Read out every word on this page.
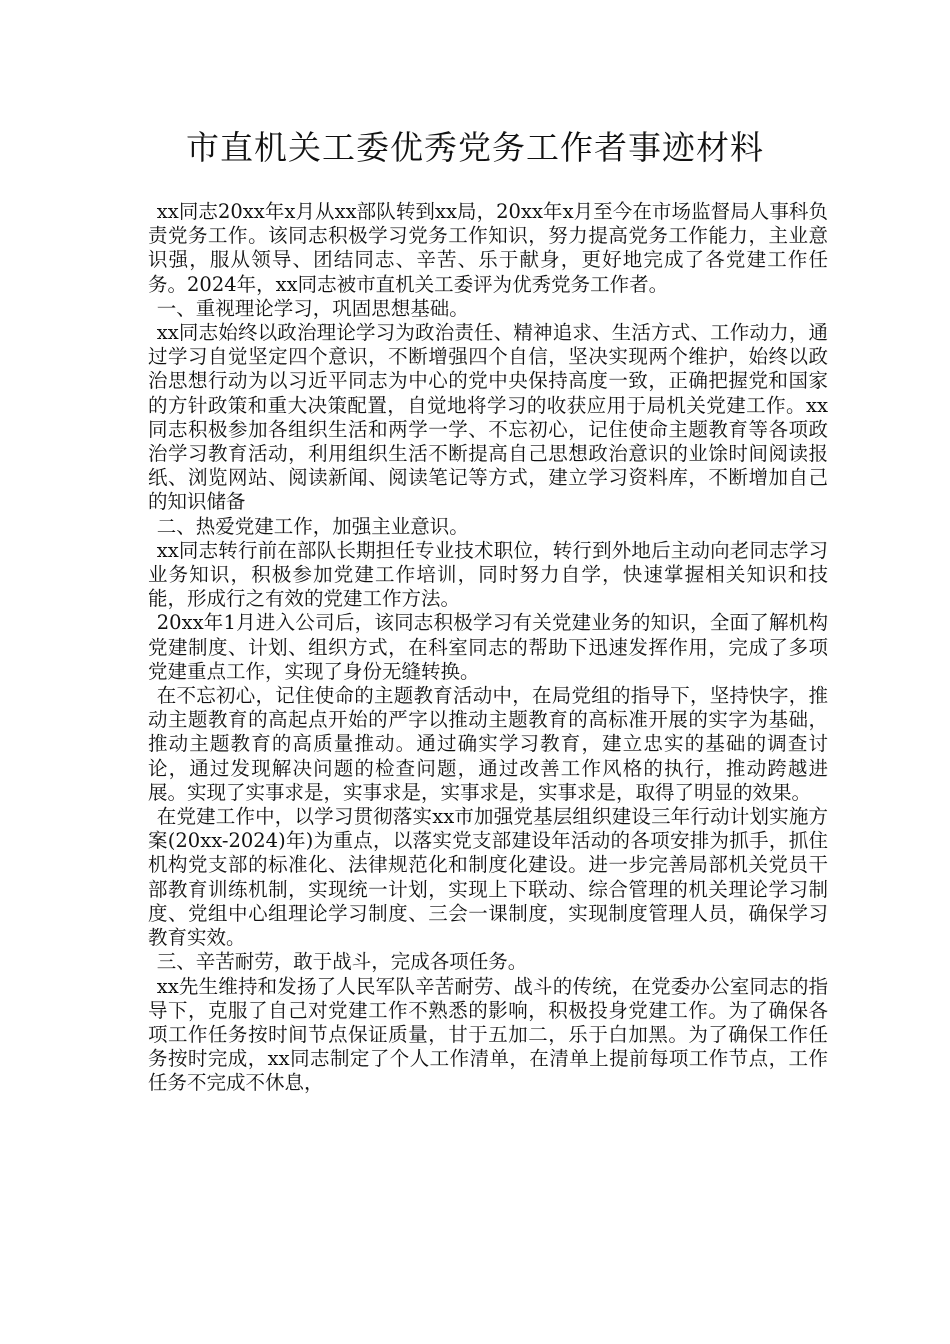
市直机关工委优秀党务工作者事迹材料

xx同志20xx年x月从xx部队转到xx局，20xx年x月至今在市场监督局人事科负责党务工作。该同志积极学习党务工作知识，努力提高党务工作能力，主业意识强，服从领导、团结同志、辛苦、乐于献身，更好地完成了各党建工作任务。2024年，xx同志被市直机关工委评为优秀党务工作者。

一、重视理论学习，巩固思想基础。

xx同志始终以政治理论学习为政治责任、精神追求、生活方式、工作动力，通过学习自觉坚定四个意识，不断增强四个自信，坚决实现两个维护，始终以政治思想行动为以习近平同志为中心的党中央保持高度一致，正确把握党和国家的方针政策和重大决策配置，自觉地将学习的收获应用于局机关党建工作。xx同志积极参加各组织生活和两学一学、不忘初心，记住使命主题教育等各项政治学习教育活动，利用组织生活不断提高自己思想政治意识的业馀时间阅读报纸、浏览网站、阅读新闻、阅读笔记等方式，建立学习资料库，不断增加自己的知识储备

二、热爱党建工作，加强主业意识。

xx同志转行前在部队长期担任专业技术职位，转行到外地后主动向老同志学习业务知识，积极参加党建工作培训，同时努力自学，快速掌握相关知识和技能，形成行之有效的党建工作方法。

20xx年1月进入公司后，该同志积极学习有关党建业务的知识，全面了解机构党建制度、计划、组织方式，在科室同志的帮助下迅速发挥作用，完成了多项党建重点工作，实现了身份无缝转换。

在不忘初心，记住使命的主题教育活动中，在局党组的指导下，坚持快字，推动主题教育的高起点开始的严字以推动主题教育的高标准开展的实字为基础，推动主题教育的高质量推动。通过确实学习教育，建立忠实的基础的调查讨论，通过发现解决问题的检查问题，通过改善工作风格的执行，推动跨越进展。实现了实事求是，实事求是，实事求是，实事求是，取得了明显的效果。

在党建工作中，以学习贯彻落实xx市加强党基层组织建设三年行动计划实施方案(20xx-2024)年)为重点，以落实党支部建设年活动的各项安排为抓手，抓住机构党支部的标准化、法律规范化和制度化建设。进一步完善局部机关党员干部教育训练机制，实现统一计划，实现上下联动、综合管理的机关理论学习制度、党组中心组理论学习制度、三会一课制度，实现制度管理人员，确保学习教育实效。

三、辛苦耐劳，敢于战斗，完成各项任务。

xx先生维持和发扬了人民军队辛苦耐劳、战斗的传统，在党委办公室同志的指导下，克服了自己对党建工作不熟悉的影响，积极投身党建工作。为了确保各项工作任务按时间节点保证质量，甘于五加二，乐于白加黑。为了确保工作任务按时完成，xx同志制定了个人工作清单，在清单上提前每项工作节点，工作任务不完成不休息，
